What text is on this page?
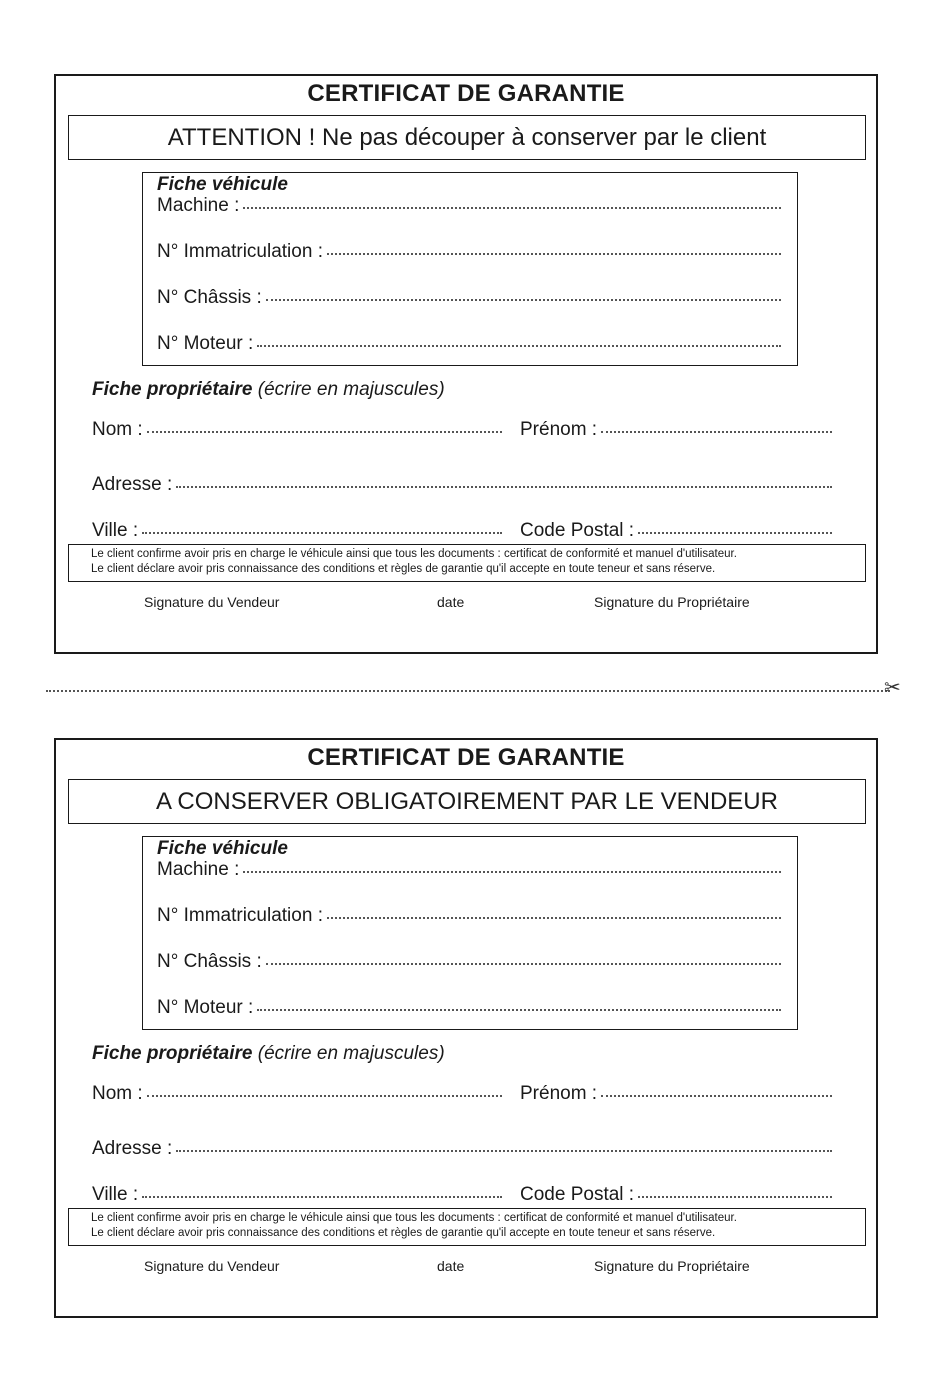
CERTIFICAT DE GARANTIE
ATTENTION ! Ne pas découper à conserver par le client
Fiche véhicule
Machine :
N° Immatriculation :
N° Châssis :
N° Moteur :
Fiche propriétaire (écrire en majuscules)
Nom :	Prénom :
Adresse :
Ville :	Code Postal :
Le client confirme avoir pris en charge le véhicule ainsi que tous les documents : certificat de conformité et manuel d'utilisateur.
Le client déclare avoir pris connaissance des conditions et règles de garantie qu'il accepte en toute teneur et sans réserve.
Signature du Vendeur	date	Signature du Propriétaire
✂
CERTIFICAT DE GARANTIE
A CONSERVER OBLIGATOIREMENT PAR LE VENDEUR
Fiche véhicule
Machine :
N° Immatriculation :
N° Châssis :
N° Moteur :
Fiche propriétaire (écrire en majuscules)
Nom :	Prénom :
Adresse :
Ville :	Code Postal :
Le client confirme avoir pris en charge le véhicule ainsi que tous les documents : certificat de conformité et manuel d'utilisateur.
Le client déclare avoir pris connaissance des conditions et règles de garantie qu'il accepte en toute teneur et sans réserve.
Signature du Vendeur	date	Signature du Propriétaire
